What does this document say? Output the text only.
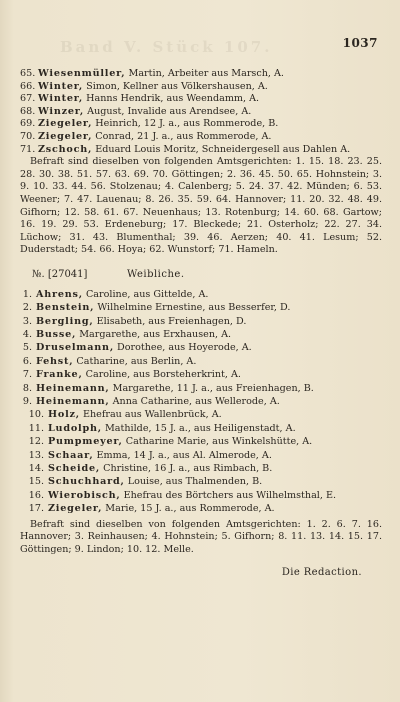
Band V. Stück 107.	1037
65. Wiesenmüller, Martin, Arbeiter aus Marsch, A.
66. Winter, Simon, Kellner aus Völkershausen, A.
67. Winter, Hanns Hendrik, aus Weendamm, A.
68. Winzer, August, Invalide aus Arendsee, A.
69. Ziegeler, Heinrich, 12 J. a., aus Rommerode, B.
70. Ziegeler, Conrad, 21 J. a., aus Rommerode, A.
71. Zschoch, Eduard Louis Moritz, Schneidergesell aus Dahlen A.
Befraft sind dieselben von folgenden Amtsgerichten: 1. 15. 18. 23. 25. 28. 30. 38. 51. 57. 63. 69. 70. Göttingen; 2. 36. 45. 50. 65. Hohnstein; 3. 9. 10. 33. 44. 56. Stolzenau; 4. Calenberg; 5. 24. 37. 42. Münden; 6. 53. Weener; 7. 47. Lauenau; 8. 26. 35. 59. 64. Hannover; 11. 20. 32. 48. 49. Gifhorn; 12. 58. 61. 67. Neuenhaus; 13. Rotenburg; 14. 60. 68. Gartow; 16. 19. 29. 53. Erdeneburg; 17. Bleckede; 21. Osterholz; 22. 27. 34. Lüchow; 31. 43. Blumenthal; 39. 46. Aerzen; 40. 41. Lesum; 52. Duderstadt; 54. 66. Hoya; 62. Wunstorf; 71. Hameln.
№. [27041]	Weibliche.
1. Ahrens, Caroline, aus Gittelde, A.
2. Benstein, Wilhelmine Ernestine, aus Besserfer, D.
3. Bergling, Elisabeth, aus Freienhagen, D.
4. Busse, Margarethe, aus Erxhausen, A.
5. Druselmann, Dorothee, aus Hoyerode, A.
6. Fehst, Catharine, aus Berlin, A.
7. Franke, Caroline, aus Borsteherkrint, A.
8. Heinemann, Margarethe, 11 J. a., aus Freienhagen, B.
9. Heinemann, Anna Catharine, aus Wellerode, A.
10. Holz, Ehefrau aus Wallenbrück, A.
11. Ludolph, Mathilde, 15 J. a., aus Heiligenstadt, A.
12. Pumpmeyer, Catharine Marie, aus Winkelshütte, A.
13. Schaar, Emma, 14 J. a., aus Al. Almerode, A.
14. Scheide, Christine, 16 J. a., aus Rimbach, B.
15. Schuchhard, Louise, aus Thalmenden, B.
16. Wierobisch, Ehefrau des Börtchers aus Wilhelmsthal, E.
17. Ziegeler, Marie, 15 J. a., aus Rommerode, A.
Befraft sind dieselben von folgenden Amtsgerichten: 1. 2. 6. 7. 16. Hannover; 3. Reinhausen; 4. Hohnstein; 5. Gifhorn; 8. 11. 13. 14. 15. 17. Göttingen; 9. Lindon; 10. 12. Melle.
Die Redaction.
